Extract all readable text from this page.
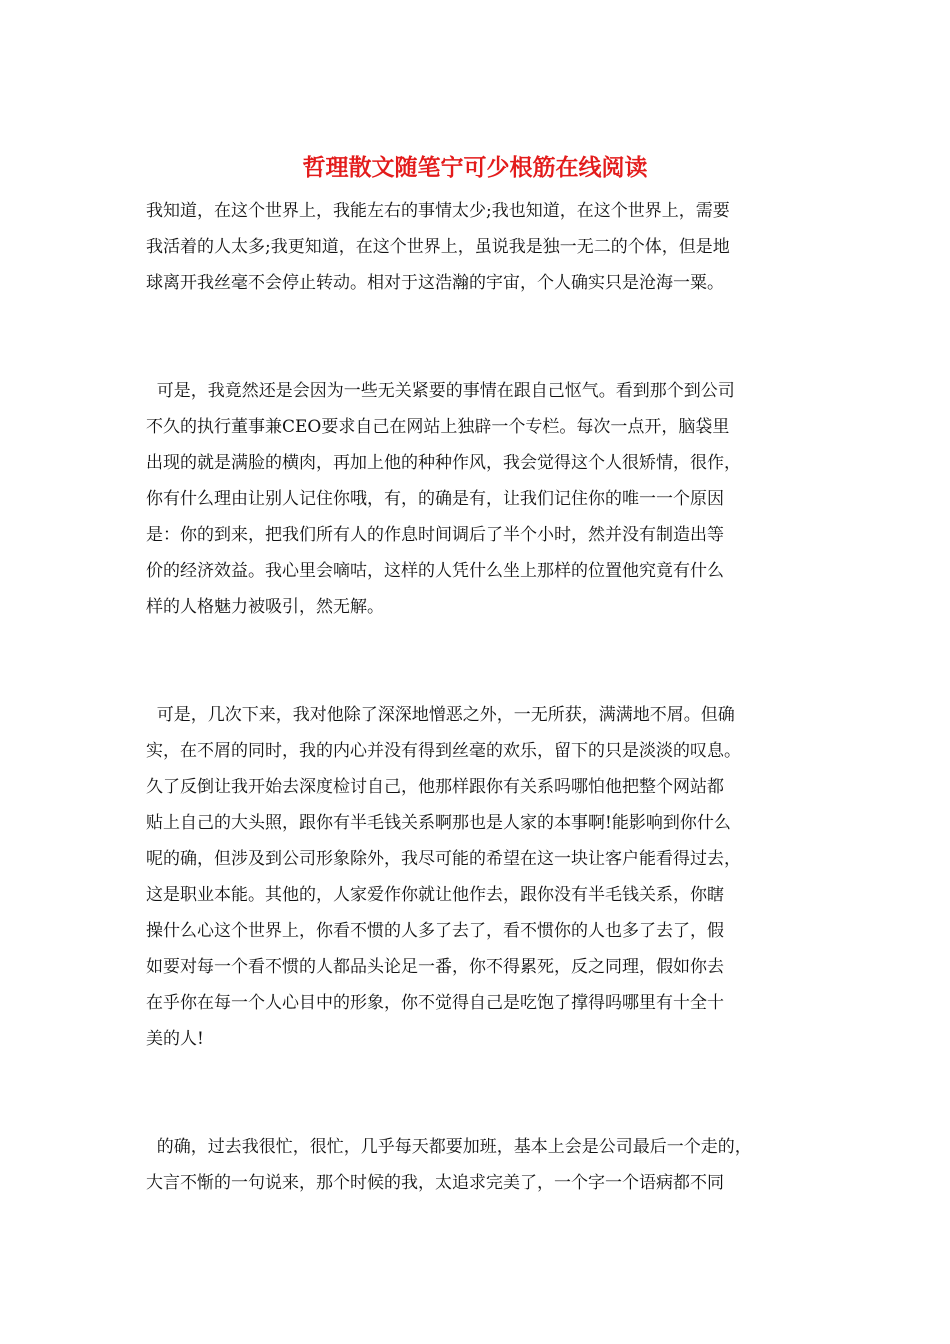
哲理散文随笔宁可少根筋在线阅读
我知道，在这个世界上，我能左右的事情太少;我也知道，在这个世界上，需要
我活着的人太多;我更知道，在这个世界上，虽说我是独一无二的个体，但是地
球离开我丝毫不会停止转动。相对于这浩瀚的宇宙，个人确实只是沧海一粟。
可是，我竟然还是会因为一些无关紧要的事情在跟自己怄气。看到那个到公司
不久的执行董事兼CEO要求自己在网站上独辟一个专栏。每次一点开，脑袋里
出现的就是满脸的横肉，再加上他的种种作风，我会觉得这个人很矫情，很作，
你有什么理由让别人记住你哦，有，的确是有，让我们记住你的唯一一个原因
是：你的到来，把我们所有人的作息时间调后了半个小时，然并没有制造出等
价的经济效益。我心里会嘀咕，这样的人凭什么坐上那样的位置他究竟有什么
样的人格魅力被吸引，然无解。
可是，几次下来，我对他除了深深地憎恶之外，一无所获，满满地不屑。但确
实，在不屑的同时，我的内心并没有得到丝毫的欢乐，留下的只是淡淡的叹息。
久了反倒让我开始去深度检讨自己，他那样跟你有关系吗哪怕他把整个网站都
贴上自己的大头照，跟你有半毛钱关系啊那也是人家的本事啊!能影响到你什么
呢的确，但涉及到公司形象除外，我尽可能的希望在这一块让客户能看得过去，
这是职业本能。其他的，人家爱作你就让他作去，跟你没有半毛钱关系，你瞎
操什么心这个世界上，你看不惯的人多了去了，看不惯你的人也多了去了，假
如要对每一个看不惯的人都品头论足一番，你不得累死，反之同理，假如你去
在乎你在每一个人心目中的形象，你不觉得自己是吃饱了撑得吗哪里有十全十
美的人!
的确，过去我很忙，很忙，几乎每天都要加班，基本上会是公司最后一个走的，
大言不惭的一句说来，那个时候的我，太追求完美了，一个字一个语病都不同
